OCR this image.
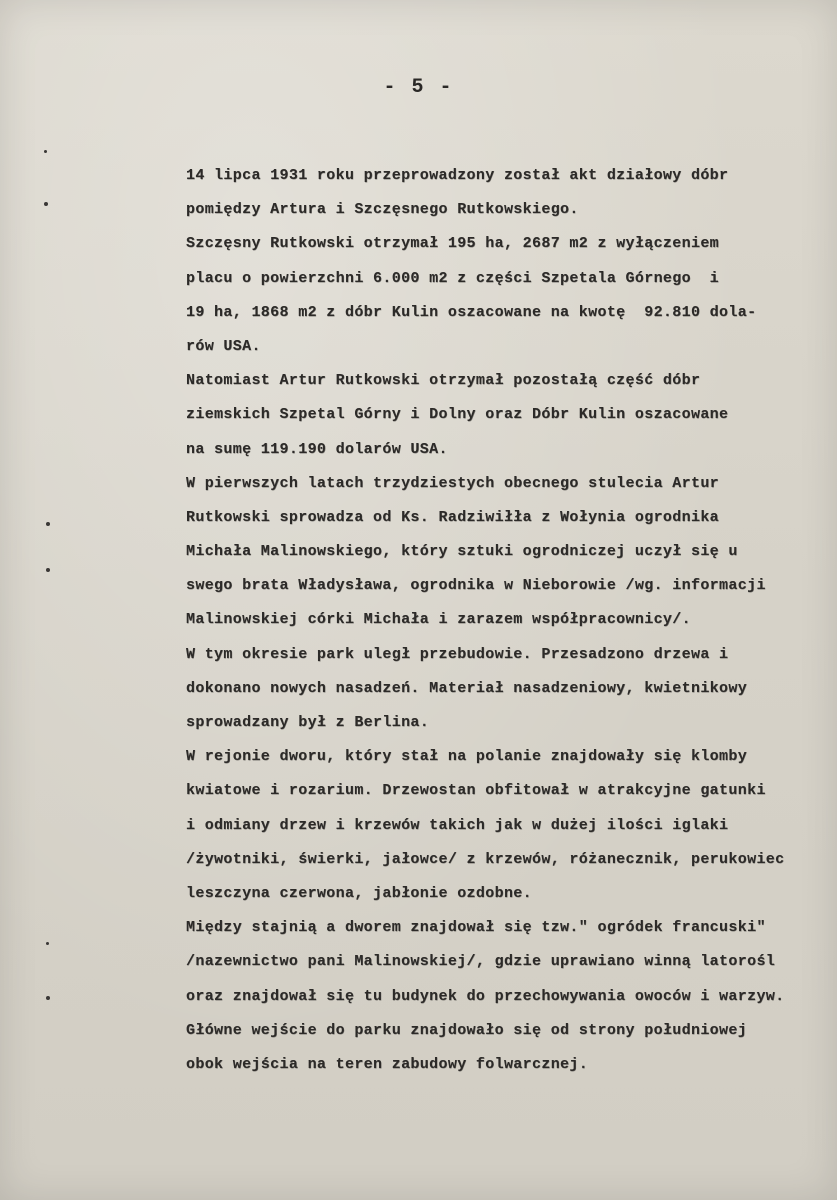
- 5 -
14 lipca 1931 roku przeprowadzony został akt działowy dóbr
pomiędzy Artura i Szczęsnego Rutkowskiego.
Szczęsny Rutkowski otrzymał 195 ha, 2687 m2 z wyłączeniem
placu o powierzchni 6.000 m2 z części Szpetala Górnego  i
19 ha, 1868 m2 z dóbr Kulin oszacowane na kwotę  92.810 dola-
rów USA.
Natomiast Artur Rutkowski otrzymał pozostałą część dóbr
ziemskich Szpetal Górny i Dolny oraz Dóbr Kulin oszacowane
na sumę 119.190 dolarów USA.
W pierwszych latach trzydziestych obecnego stulecia Artur
Rutkowski sprowadza od Ks. Radziwiłła z Wołynia ogrodnika
Michała Malinowskiego, który sztuki ogrodniczej uczył się u
swego brata Władysława, ogrodnika w Nieborowie /wg. informacji
Malinowskiej córki Michała i zarazem współpracownicy/.
W tym okresie park uległ przebudowie. Przesadzono drzewa i
dokonano nowych nasadzeń. Materiał nasadzeniowy, kwietnikowy
sprowadzany był z Berlina.
W rejonie dworu, który stał na polanie znajdowały się klomby
kwiatowe i rozarium. Drzewostan obfitował w atrakcyjne gatunki
i odmiany drzew i krzewów takich jak w dużej ilości iglaki
/żywotniki, świerki, jałowce/ z krzewów, różanecznik, perukowiec
leszczyna czerwona, jabłonie ozdobne.
Między stajnią a dworem znajdował się tzw." ogródek francuski"
/nazewnictwo pani Malinowskiej/, gdzie uprawiano winną latorośl
oraz znajdował się tu budynek do przechowywania owoców i warzyw.
Główne wejście do parku znajdowało się od strony południowej
obok wejścia na teren zabudowy folwarcznej.
